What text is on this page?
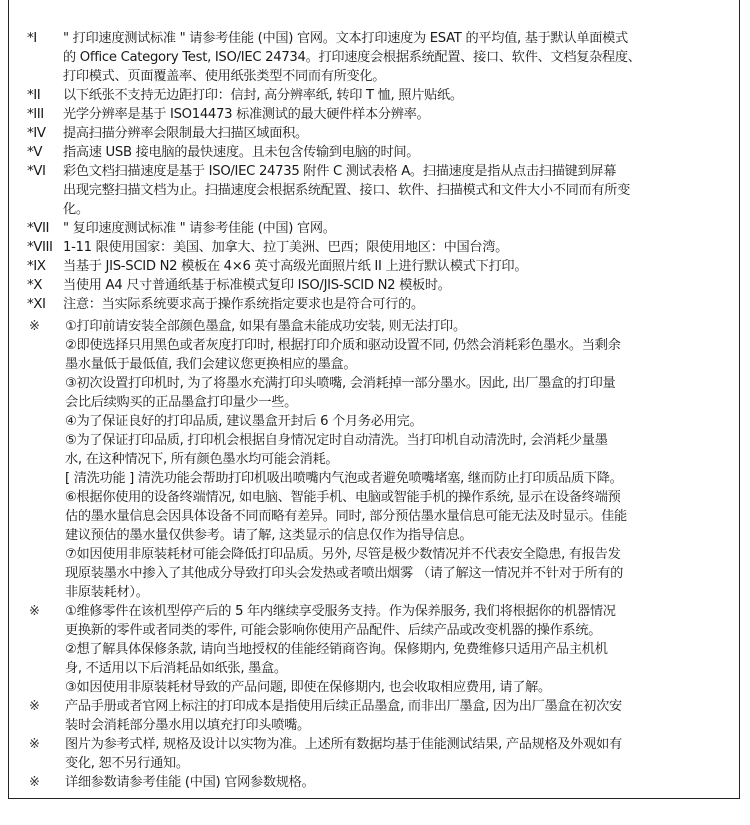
*I	" 打印速度测试标准 " 请参考佳能 (中国) 官网。文本打印速度为 ESAT 的平均值, 基于默认单面模式
的 Office Category Test, ISO/IEC 24734。打印速度会根据系统配置、接口、软件、文档复杂程度、
打印模式、页面覆盖率、使用纸张类型不同而有所变化。
*II	以下纸张不支持无边距打印：信封, 高分辨率纸, 转印 T 恤, 照片贴纸。
*III	光学分辨率是基于 ISO14473 标准测试的最大硬件样本分辨率。
*IV	提高扫描分辨率会限制最大扫描区域面积。
*V	指高速 USB 接电脑的最快速度。且未包含传输到电脑的时间。
*VI	彩色文档扫描速度是基于 ISO/IEC 24735 附件 C 测试表格 A。扫描速度是指从点击扫描键到屏幕
出现完整扫描文档为止。扫描速度会根据系统配置、接口、软件、扫描模式和文件大小不同而有所变
化。
*VII	" 复印速度测试标准 " 请参考佳能 (中国) 官网。
*VIII 1-11 限使用国家：美国、加拿大、拉丁美洲、巴西；限使用地区：中国台湾。
*IX	当基于 JIS-SCID N2 模板在 4×6 英寸高级光面照片纸 II 上进行默认模式下打印。
*X	当使用 A4 尺寸普通纸基于标准模式复印 ISO/JIS-SCID N2 模板时。
*XI	注意：当实际系统要求高于操作系统指定要求也是符合可行的。
※	①打印前请安装全部颜色墨盒, 如果有墨盒未能成功安装, 则无法打印。
②即使选择只用黑色或者灰度打印时, 根据打印介质和驱动设置不同, 仍然会消耗彩色墨水。当剩余
墨水量低于最低值, 我们会建议您更换相应的墨盒。
③初次设置打印机时, 为了将墨水充满打印头喷嘴, 会消耗掉一部分墨水。因此, 出厂墨盒的打印量
会比后续购买的正品墨盒打印量少一些。
④为了保证良好的打印品质, 建议墨盒开封后 6 个月务必用完。
⑤为了保证打印品质, 打印机会根据自身情况定时自动清洗。当打印机自动清洗时, 会消耗少量墨
水, 在这种情况下, 所有颜色墨水均可能会消耗。
[ 清洗功能 ] 清洗功能会帮助打印机吸出喷嘴内气泡或者避免喷嘴堵塞, 继而防止打印质品质下降。
⑥根据你使用的设备终端情况, 如电脑、智能手机、电脑或智能手机的操作系统, 显示在设备终端预
估的墨水量信息会因具体设备不同而略有差异。同时, 部分预估墨水量信息可能无法及时显示。佳能
建议预估的墨水量仅供参考。请了解, 这类显示的信息仅作为指导信息。
⑦如因使用非原装耗材可能会降低打印品质。另外, 尽管是极少数情况并不代表安全隐患, 有报告发
现原装墨水中掺入了其他成分导致打印头会发热或者喷出烟雾 （请了解这一情况并不针对于所有的
非原装耗材）。
※	①维修零件在该机型停产后的 5 年内继续享受服务支持。作为保养服务, 我们将根据你的机器情况
更换新的零件或者同类的零件, 可能会影响你使用产品配件、后续产品或改变机器的操作系统。
②想了解具体保修条款, 请向当地授权的佳能经销商咨询。保修期内, 免费维修只适用产品主机机
身, 不适用以下后消耗品如纸张, 墨盒。
③如因使用非原装耗材导致的产品问题, 即使在保修期内, 也会收取相应费用, 请了解。
※	产品手册或者官网上标注的打印成本是指使用后续正品墨盒, 而非出厂墨盒, 因为出厂墨盒在初次安
装时会消耗部分墨水用以填充打印头喷嘴。
※	图片为参考式样, 规格及设计以实物为准。上述所有数据均基于佳能测试结果, 产品规格及外观如有
变化, 恕不另行通知。
※	详细参数请参考佳能 (中国) 官网参数规格。
